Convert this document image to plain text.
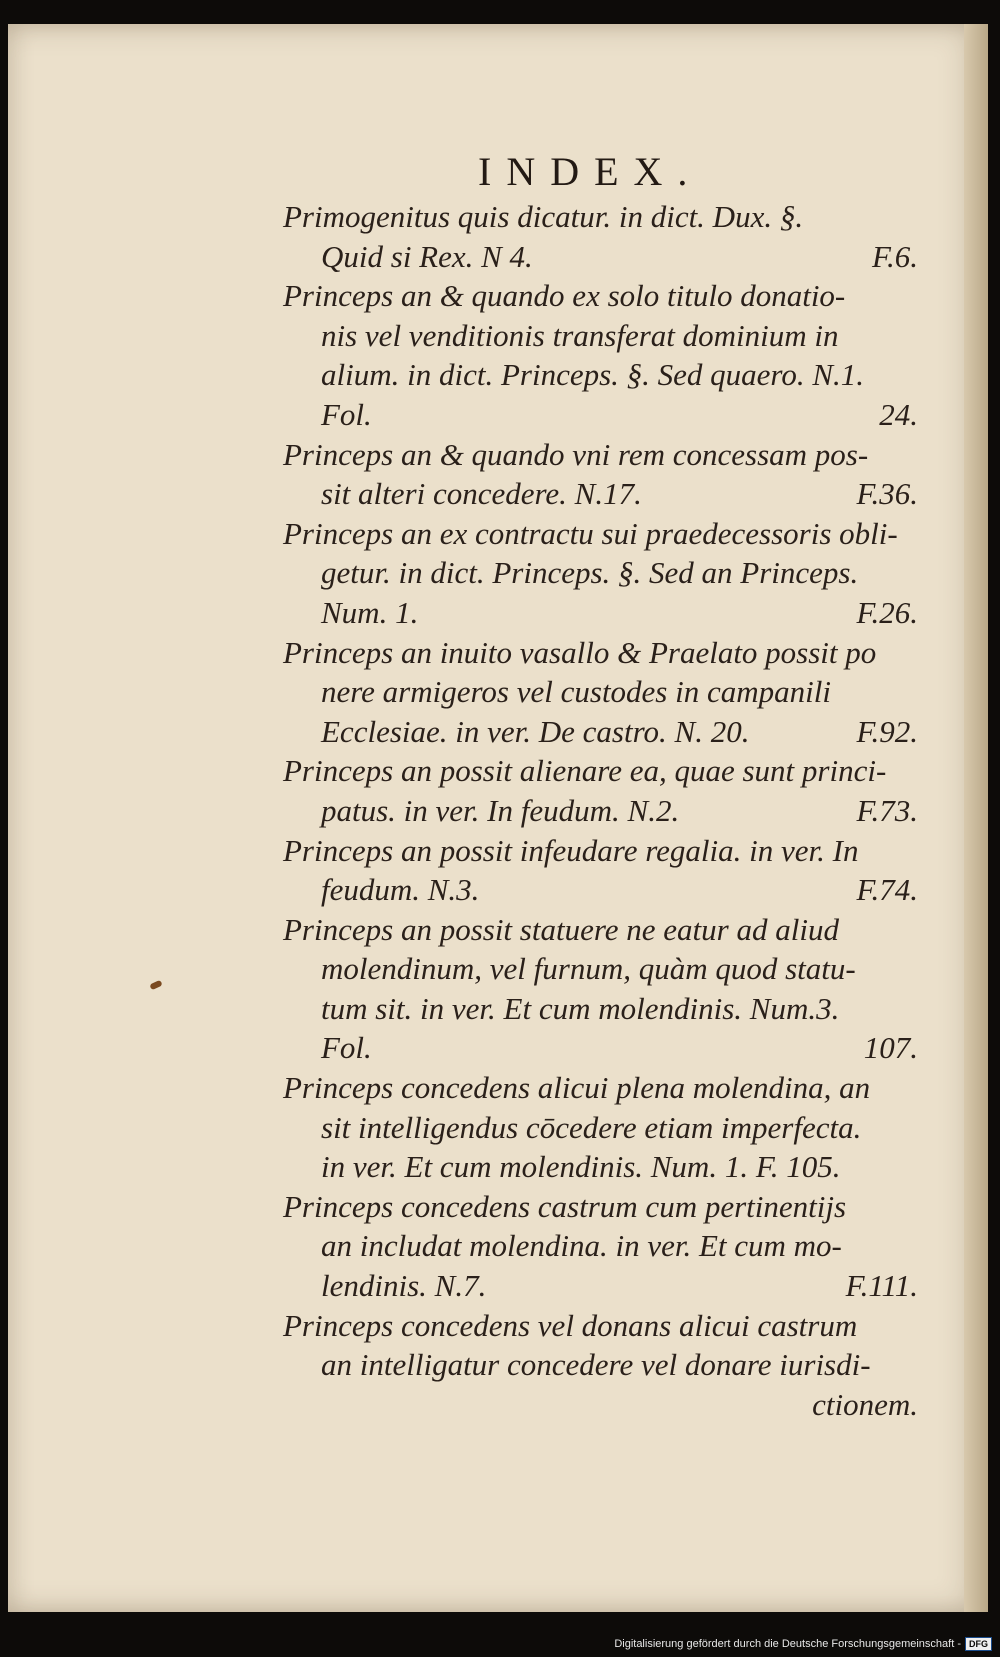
INDEX.
Primogenitus quis dicatur. in dict. Dux. §.
Quid si Rex. N 4.	F.6.
Princeps an & quando ex solo titulo donatio-
nis vel venditionis transferat dominium in
alium. in dict. Princeps. §. Sed quaero. N.1.
Fol.	24.
Princeps an & quando vni rem concessam pos-
sit alteri concedere. N.17.	F.36.
Princeps an ex contractu sui praedecessoris obli-
getur. in dict. Princeps. §. Sed an Princeps.
Num. 1.	F.26.
Princeps an inuito vasallo & Praelato possit po
nere armigeros vel custodes in campanili
Ecclesiae. in ver. De castro. N. 20.	F.92.
Princeps an possit alienare ea, quae sunt princi-
patus. in ver. In feudum. N.2.	F.73.
Princeps an possit infeudare regalia. in ver. In
feudum. N.3.	F.74.
Princeps an possit statuere ne eatur ad aliud
molendinum, vel furnum, quàm quod statu-
tum sit. in ver. Et cum molendinis. Num.3.
Fol.	107.
Princeps concedens alicui plena molendina, an
sit intelligendus cōcedere etiam imperfecta.
in ver. Et cum molendinis. Num. 1. F. 105.
Princeps concedens castrum cum pertinentijs
an includat molendina. in ver. Et cum mo-
lendinis. N.7.	F.111.
Princeps concedens vel donans alicui castrum
an intelligatur concedere vel donare iurisdi-
ctionem.
Digitalisierung gefördert durch die Deutsche Forschungsgemeinschaft - DFG
